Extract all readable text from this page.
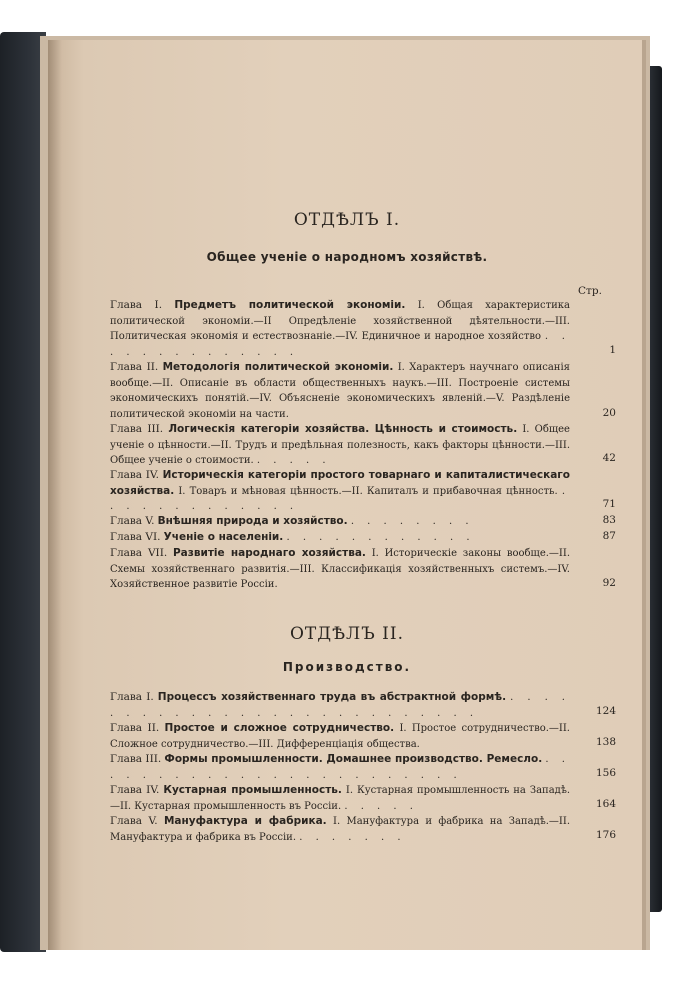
ОТДѢЛЪ I.
Общее ученіе о народномъ хозяйствѣ.
Стр.
Глава I. Предметъ политической экономіи. I. Общая характеристика политической экономіи.—II Опредѣленіе хозяйственной дѣятельности.—III. Политическая экономія и естествознаніе.—IV. Единичное и народное хозяйство . . . . . . . . . . . . . .	1
Глава II. Методологія политической экономіи. I. Характеръ научнаго описанія вообще.—II. Описаніе въ области общественныхъ наукъ.—III. Построеніе системы экономическихъ понятій.—IV. Объясненіе экономическихъ явленій.—V. Раздѣленіе политической экономіи на части.	20
Глава III. Логическія категоріи хозяйства. Цѣнность и стоимость. I. Общее ученіе о цѣнности.—II. Трудъ и предѣльная полезность, какъ факторы цѣнности.—III. Общее ученіе о стоимости. . . . . .	42
Глава IV. Историческія категоріи простого товарнаго и капиталистическаго хозяйства. I. Товаръ и мѣновая цѣнность.—II. Капиталъ и прибавочная цѣнность. . . . . . . . . . . . . .	71
Глава V. Внѣшняя природа и хозяйство. . . . . . . . .	83
Глава VI. Ученіе о населеніи. . . . . . . . . . . . .	87
Глава VII. Развитіе народнаго хозяйства. I. Историческіе законы вообще.—II. Схемы хозяйственнаго развитія.—III. Классификація хозяйственныхъ системъ.—IV. Хозяйственное развитіе Россіи.	92
ОТДѢЛЪ II.
Производство.
Глава I. Процессъ хозяйственнаго труда въ абстрактной формѣ. . . . . . . . . . . . . . . . . . . . . . . . . . . .	124
Глава II. Простое и сложное сотрудничество. I. Простое сотрудничество.—II. Сложное сотрудничество.—III. Дифференціація общества.	138
Глава III. Формы промышленности. Домашнее производство. Ремесло. . . . . . . . . . . . . . . . . . . . . . . . .	156
Глава IV. Кустарная промышленность. I. Кустарная промышленность на Западѣ.—II. Кустарная промышленность въ Россіи. . . . . .	164
Глава V. Мануфактура и фабрика. I. Мануфактура и фабрика на Западѣ.—II. Мануфактура и фабрика въ Россіи. . . . . . . .	176
